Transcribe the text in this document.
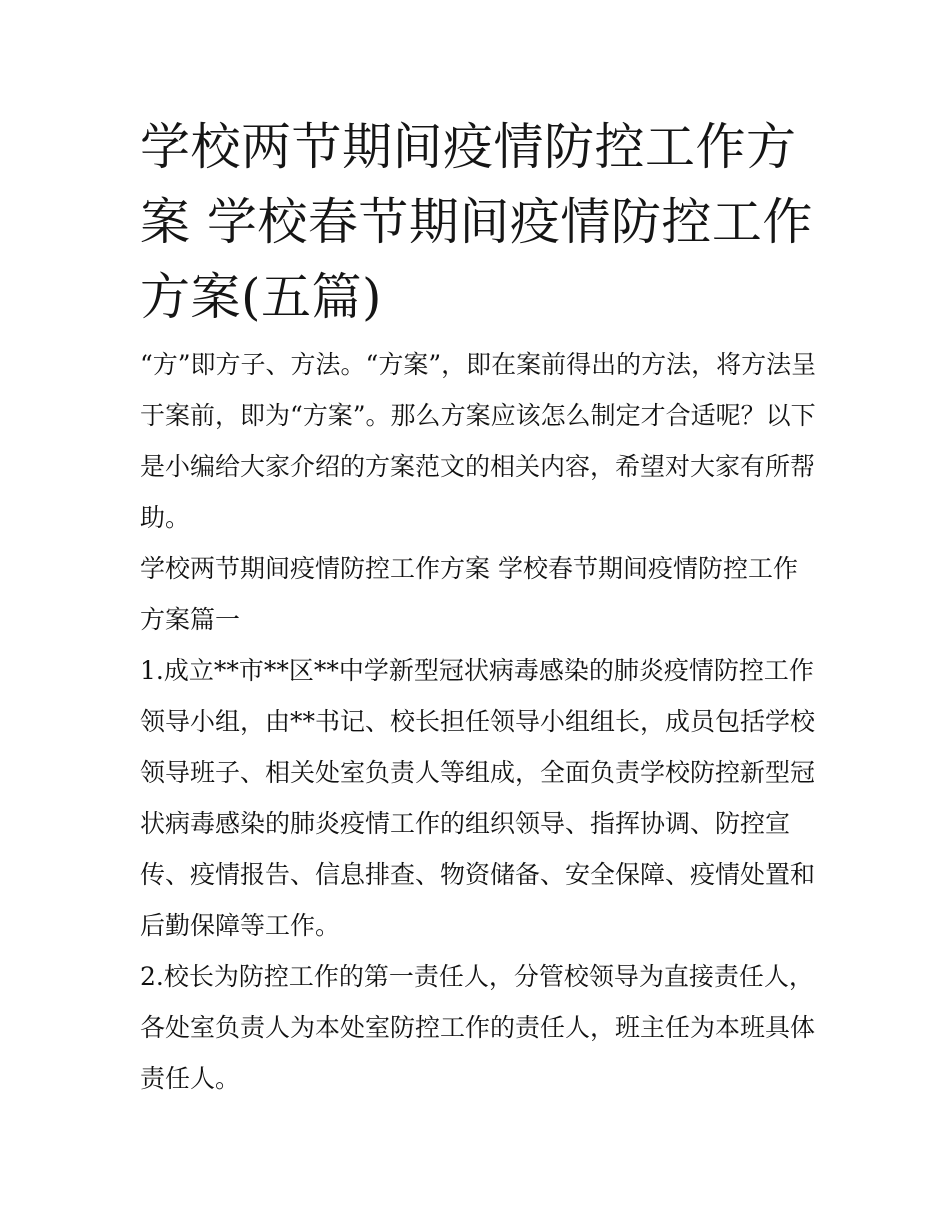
学校两节期间疫情防控工作方
案 学校春节期间疫情防控工作
方案(五篇)

“方”即方子、方法。“方案”，即在案前得出的方法，将方法呈
于案前，即为“方案”。那么方案应该怎么制定才合适呢？以下
是小编给大家介绍的方案范文的相关内容，希望对大家有所帮
助。

学校两节期间疫情防控工作方案 学校春节期间疫情防控工作
方案篇一

1.成立**市**区**中学新型冠状病毒感染的肺炎疫情防控工作
领导小组，由**书记、校长担任领导小组组长，成员包括学校
领导班子、相关处室负责人等组成，全面负责学校防控新型冠
状病毒感染的肺炎疫情工作的组织领导、指挥协调、防控宣
传、疫情报告、信息排查、物资储备、安全保障、疫情处置和
后勤保障等工作。

2.校长为防控工作的第一责任人，分管校领导为直接责任人，
各处室负责人为本处室防控工作的责任人，班主任为本班具体
责任人。
